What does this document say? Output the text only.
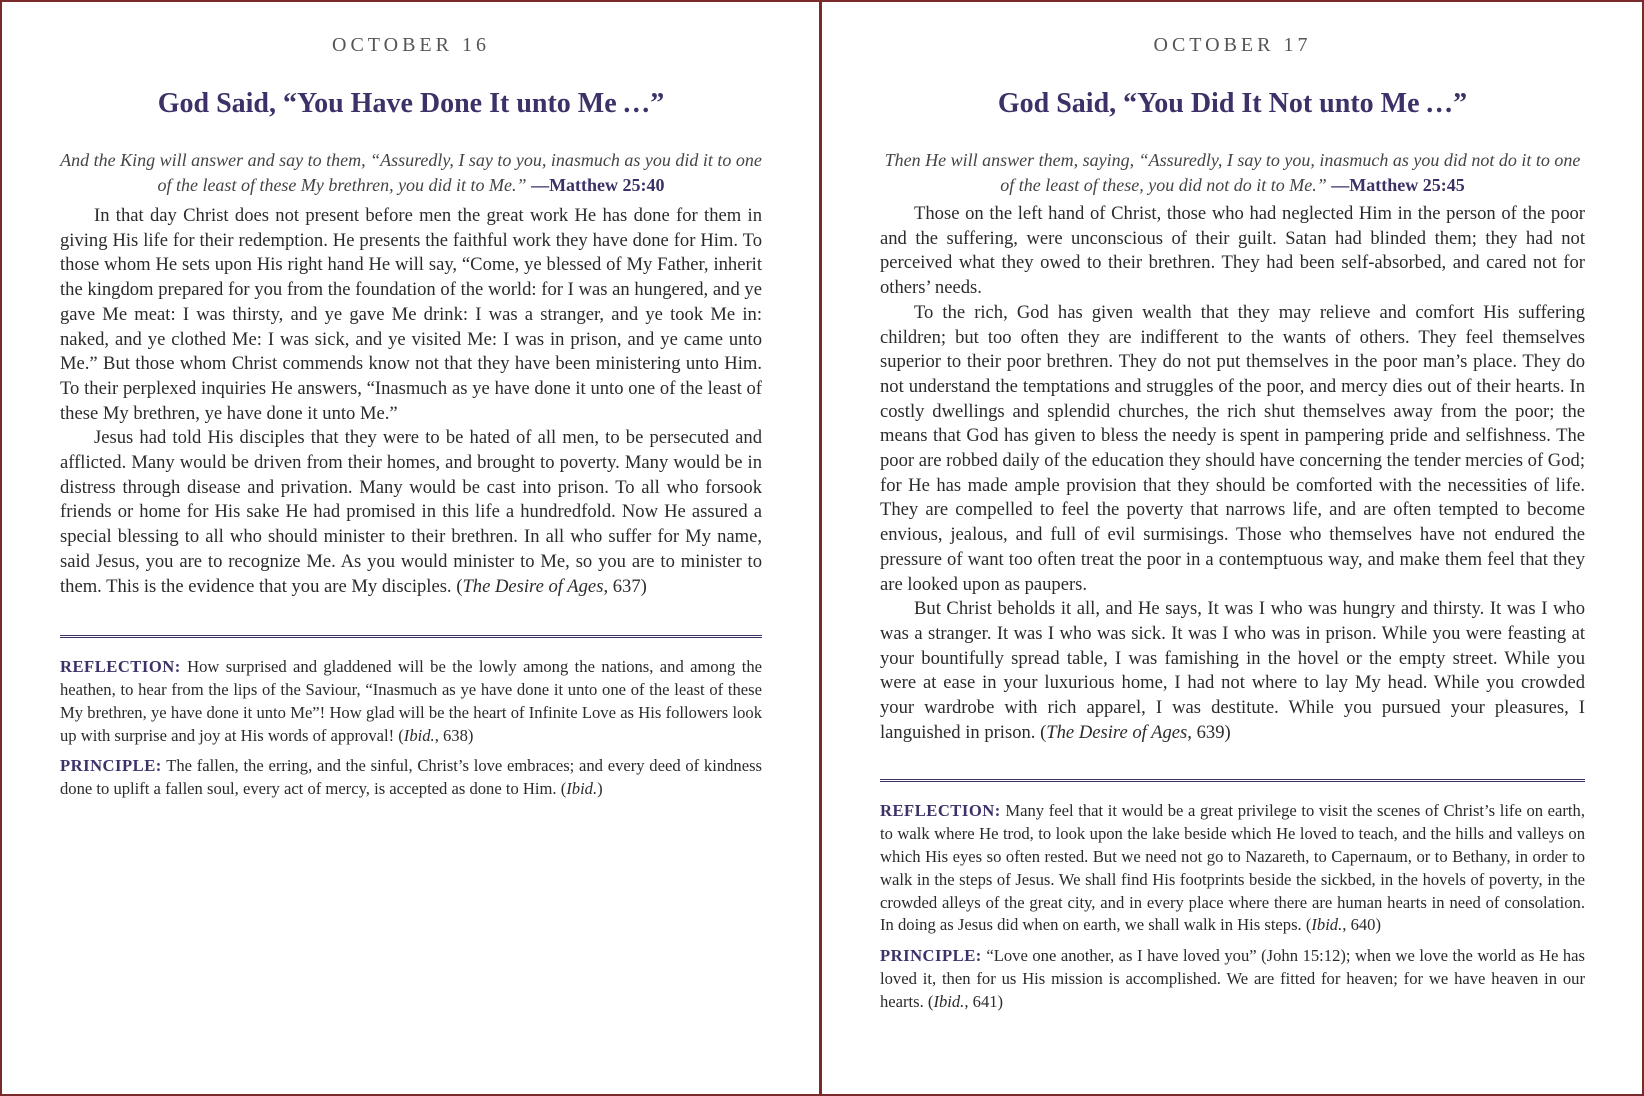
OCTOBER 16
God Said, “You Have Done It unto Me …”
And the King will answer and say to them, “Assuredly, I say to you, inasmuch as you did it to one of the least of these My brethren, you did it to Me.” —Matthew 25:40

In that day Christ does not present before men the great work He has done for them in giving His life for their redemption. He presents the faithful work they have done for Him. To those whom He sets upon His right hand He will say, “Come, ye blessed of My Father, inherit the kingdom prepared for you from the foundation of the world: for I was an hungered, and ye gave Me meat: I was thirsty, and ye gave Me drink: I was a stranger, and ye took Me in: naked, and ye clothed Me: I was sick, and ye visited Me: I was in prison, and ye came unto Me.” But those whom Christ commends know not that they have been ministering unto Him. To their perplexed inquiries He answers, “Inasmuch as ye have done it unto one of the least of these My brethren, ye have done it unto Me.”

Jesus had told His disciples that they were to be hated of all men, to be persecuted and afflicted. Many would be driven from their homes, and brought to poverty. Many would be in distress through disease and privation. Many would be cast into prison. To all who forsook friends or home for His sake He had promised in this life a hundredfold. Now He assured a special blessing to all who should minister to their brethren. In all who suffer for My name, said Jesus, you are to recognize Me. As you would minister to Me, so you are to minister to them. This is the evidence that you are My disciples. (The Desire of Ages, 637)

REFLECTION: How surprised and gladdened will be the lowly among the nations, and among the heathen, to hear from the lips of the Saviour, “Inasmuch as ye have done it unto one of the least of these My brethren, ye have done it unto Me”! How glad will be the heart of Infinite Love as His followers look up with surprise and joy at His words of approval! (Ibid., 638)

PRINCIPLE: The fallen, the erring, and the sinful, Christ’s love embraces; and every deed of kindness done to uplift a fallen soul, every act of mercy, is accepted as done to Him. (Ibid.)

OCTOBER 17
God Said, “You Did It Not unto Me …”
Then He will answer them, saying, “Assuredly, I say to you, inasmuch as you did not do it to one of the least of these, you did not do it to Me.” —Matthew 25:45

Those on the left hand of Christ, those who had neglected Him in the person of the poor and the suffering, were unconscious of their guilt. Satan had blinded them; they had not perceived what they owed to their brethren. They had been self-absorbed, and cared not for others’ needs.

To the rich, God has given wealth that they may relieve and comfort His suffering children; but too often they are indifferent to the wants of others. They feel themselves superior to their poor brethren. They do not put themselves in the poor man’s place. They do not understand the temptations and struggles of the poor, and mercy dies out of their hearts. In costly dwellings and splendid churches, the rich shut themselves away from the poor; the means that God has given to bless the needy is spent in pampering pride and selfishness. The poor are robbed daily of the education they should have concerning the tender mercies of God; for He has made ample provision that they should be comforted with the necessities of life. They are compelled to feel the poverty that narrows life, and are often tempted to become envious, jealous, and full of evil surmisings. Those who themselves have not endured the pressure of want too often treat the poor in a contemptuous way, and make them feel that they are looked upon as paupers.

But Christ beholds it all, and He says, It was I who was hungry and thirsty. It was I who was a stranger. It was I who was sick. It was I who was in prison. While you were feasting at your bountifully spread table, I was famishing in the hovel or the empty street. While you were at ease in your luxurious home, I had not where to lay My head. While you crowded your wardrobe with rich apparel, I was destitute. While you pursued your pleasures, I languished in prison. (The Desire of Ages, 639)

REFLECTION: Many feel that it would be a great privilege to visit the scenes of Christ’s life on earth, to walk where He trod, to look upon the lake beside which He loved to teach, and the hills and valleys on which His eyes so often rested. But we need not go to Nazareth, to Capernaum, or to Bethany, in order to walk in the steps of Jesus. We shall find His footprints beside the sickbed, in the hovels of poverty, in the crowded alleys of the great city, and in every place where there are human hearts in need of consolation. In doing as Jesus did when on earth, we shall walk in His steps. (Ibid., 640)

PRINCIPLE: “Love one another, as I have loved you” (John 15:12); when we love the world as He has loved it, then for us His mission is accomplished. We are fitted for heaven; for we have heaven in our hearts. (Ibid., 641)
